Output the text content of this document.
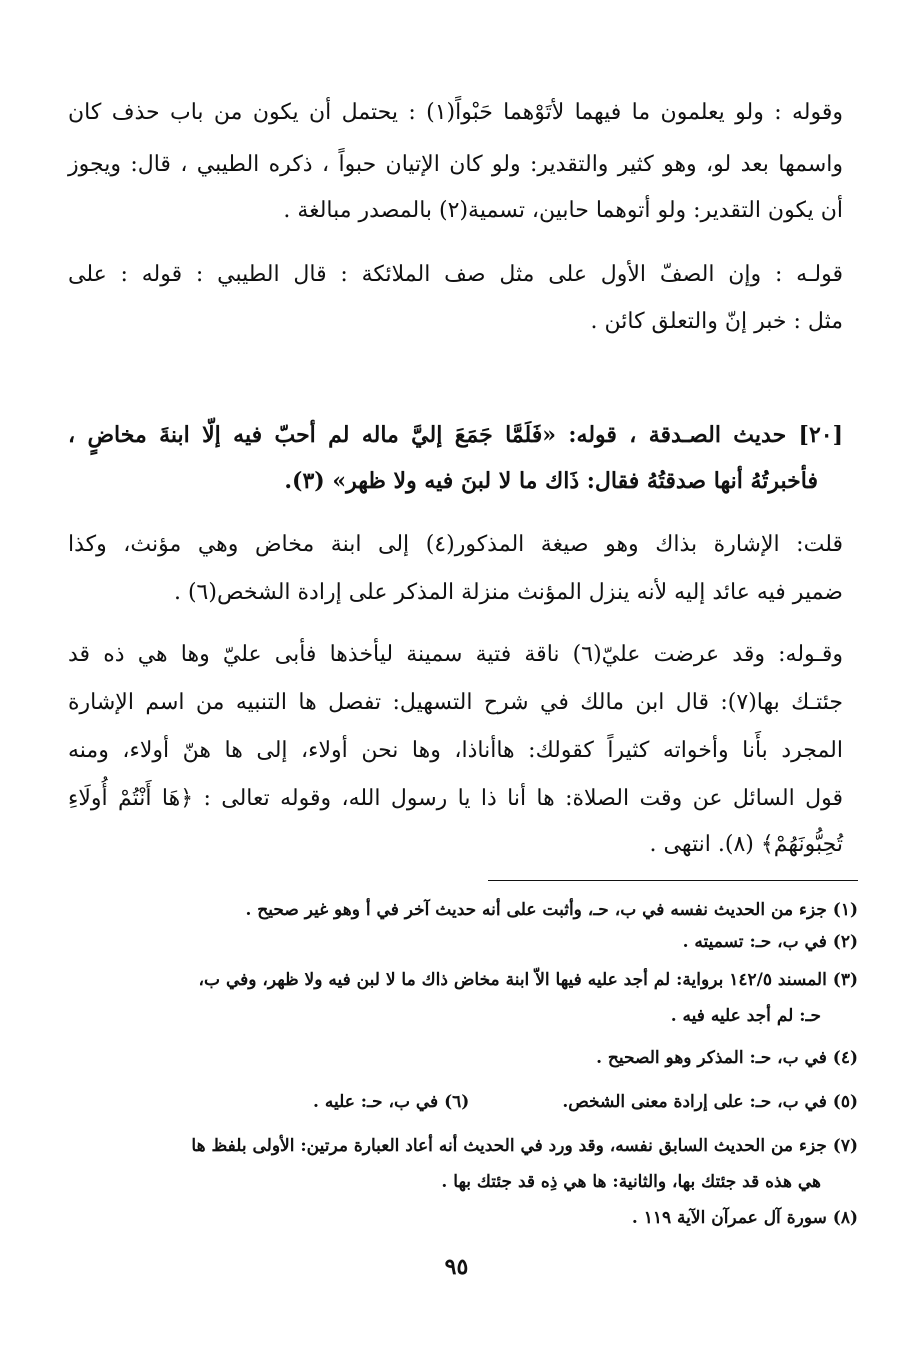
وقوله : ولو يعلمون ما فيهما لأتَوْهما حَبْواً(١) : يحتمل أن يكون من باب حذف كان
واسمها بعد لو، وهو كثير والتقدير: ولو كان الإتيان حبواً ، ذكره الطيبي ، قال: ويجوز
أن يكون التقدير: ولو أتوهما حابين، تسمية(٢) بالمصدر مبالغة .
قولـه : وإن الصفّ الأول على مثل صف الملائكة : قال الطيبي : قوله : على
مثل : خبر إنّ والتعلق كائن .
[٢٠] حديث الصـدقة ، قوله: «فَلَمَّا جَمَعَ إليَّ ماله لم أحبّ فيه إلّا ابنةَ مخاضٍ ،
فأخبرتُهُ أنها صدقتُهُ فقال: ذَاك ما لا لبنَ فيه ولا ظهر» (٣).
قلت: الإشارة بذاك وهو صيغة المذكور(٤) إلى ابنة مخاض وهي مؤنث، وكذا
ضمير فيه عائد إليه لأنه ينزل المؤنث منزلة المذكر على إرادة الشخص(٦) .
وقـوله: وقد عرضت عليّ(٦) ناقة فتية سمينة ليأخذها فأبى عليّ وها هي ذه قد
جئتـك بها(٧): قال ابن مالك في شرح التسهيل: تفصل ها التنبيه من اسم الإشارة
المجرد بأَنا وأخواته كثيراً كقولك: هاأناذا، وها نحن أولاء، إلى ها هنّ أولاء، ومنه
قول السائل عن وقت الصلاة: ها أنا ذا يا رسول الله، وقوله تعالى : ﴿هَا أَنْتُمْ أُولَاءِ
تُحِبُّونَهُمْ﴾ (٨). انتهى .
(١) جزء من الحديث نفسه في ب، حـ، وأثبت على أنه حديث آخر في أ وهو غير صحيح .
(٢) في ب، حـ: تسميته .
(٣) المسند ١٤٢/٥ برواية: لم أجد عليه فيها الاّ ابنة مخاض ذاك ما لا لبن فيه ولا ظهر، وفي ب،
حـ: لم أجد عليه فيه .
(٤) في ب، حـ: المذكر وهو الصحيح .
(٥) في ب، حـ: على إرادة معنى الشخص.
(٦) في ب، حـ: عليه .
(٧) جزء من الحديث السابق نفسه، وقد ورد في الحديث أنه أعاد العبارة مرتين: الأولى بلفظ ها
هي هذه قد جئتك بها، والثانية: ها هي ذِه قد جئتك بها .
(٨) سورة آل عمرآن الآية ١١٩ .
٩٥
